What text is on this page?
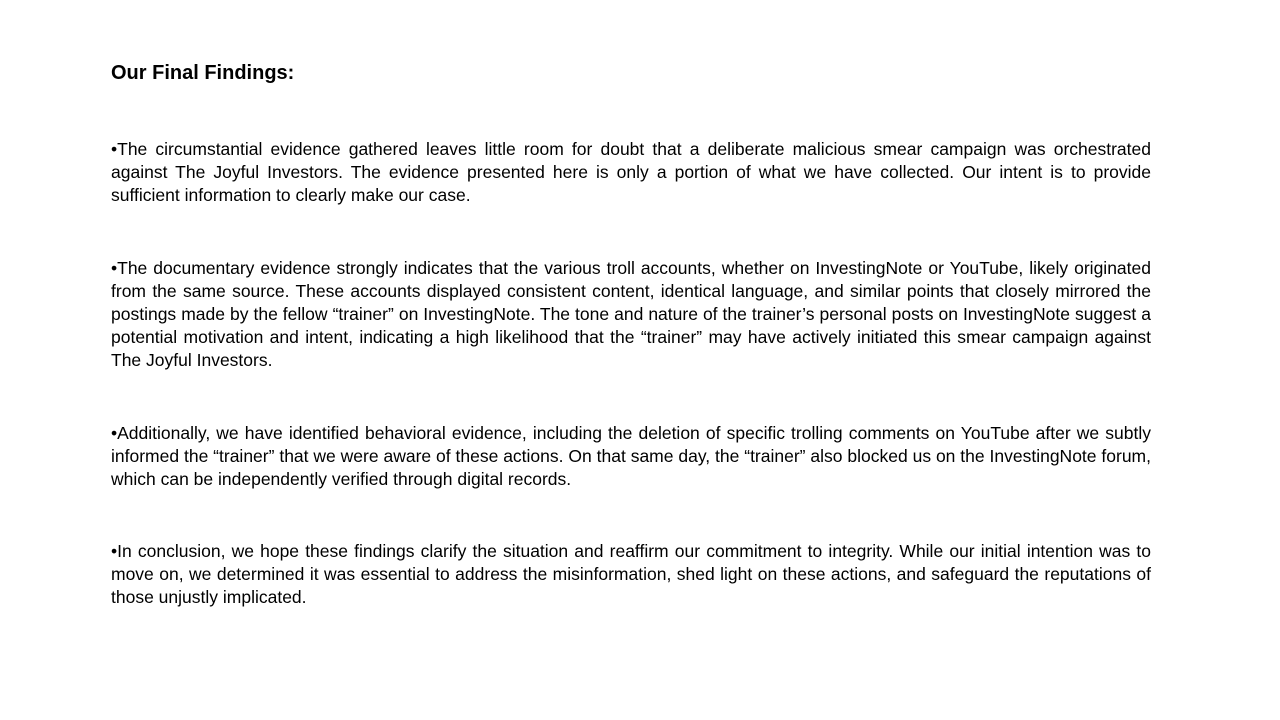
Our Final Findings:

•The circumstantial evidence gathered leaves little room for doubt that a deliberate malicious smear campaign was orchestrated against The Joyful Investors. The evidence presented here is only a portion of what we have collected. Our intent is to provide sufficient information to clearly make our case.

•The documentary evidence strongly indicates that the various troll accounts, whether on InvestingNote or YouTube, likely originated from the same source. These accounts displayed consistent content, identical language, and similar points that closely mirrored the postings made by the fellow “trainer” on InvestingNote. The tone and nature of the trainer’s personal posts on InvestingNote suggest a potential motivation and intent, indicating a high likelihood that the “trainer” may have actively initiated this smear campaign against The Joyful Investors.

•Additionally, we have identified behavioral evidence, including the deletion of specific trolling comments on YouTube after we subtly informed the “trainer” that we were aware of these actions. On that same day, the “trainer” also blocked us on the InvestingNote forum, which can be independently verified through digital records.

•In conclusion, we hope these findings clarify the situation and reaffirm our commitment to integrity. While our initial intention was to move on, we determined it was essential to address the misinformation, shed light on these actions, and safeguard the reputations of those unjustly implicated.
